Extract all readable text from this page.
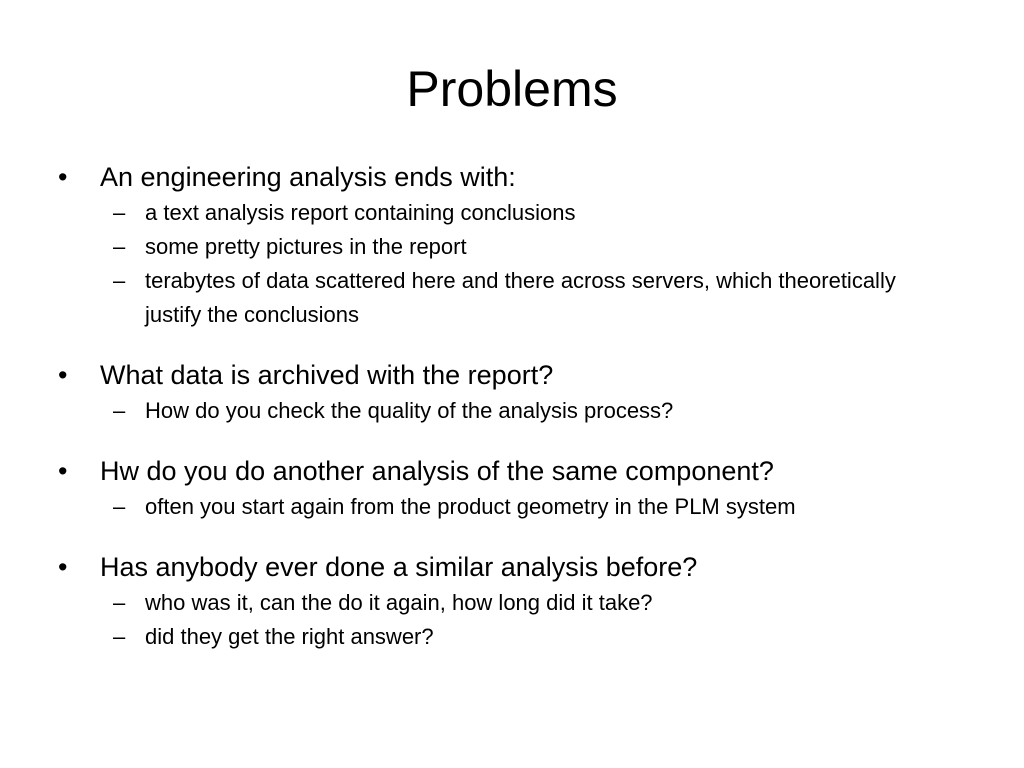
Problems
•	An engineering analysis ends with:
– a text analysis report containing conclusions
– some pretty pictures in the report
– terabytes of data scattered here and there across servers, which theoretically justify the conclusions
•	What data is archived with the report?
– How do you check the quality of the analysis process?
•	Hw do you do another analysis of the same component?
– often you start again from the product geometry in the PLM system
•	Has anybody ever done a similar analysis before?
– who was it, can the do it again, how long did it take?
– did they get the right answer?
